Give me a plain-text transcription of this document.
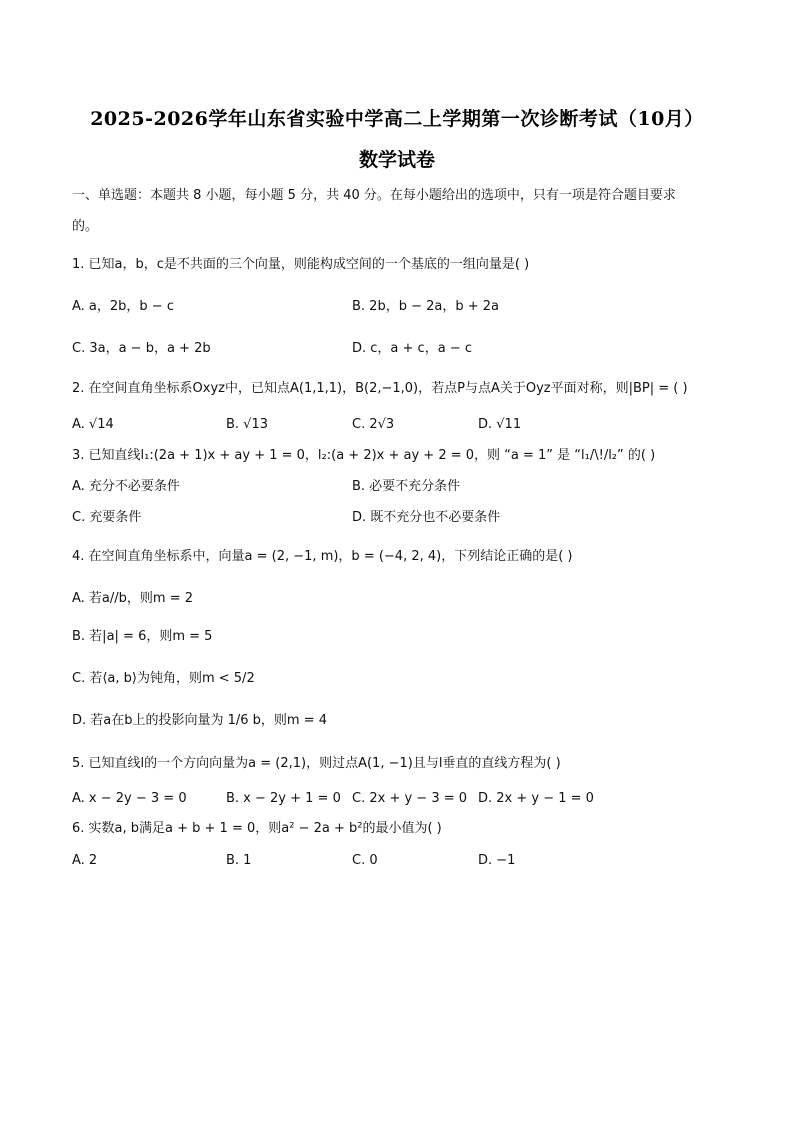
2025-2026学年山东省实验中学高二上学期第一次诊断考试（10月）
数学试卷
一、单选题：本题共 8 小题，每小题 5 分，共 40 分。在每小题给出的选项中，只有一项是符合题目要求
的。
1. 已知a，b，c是不共面的三个向量，则能构成空间的一个基底的一组向量是( )
A. a，2b，b − c	B. 2b，b − 2a，b + 2a
C. 3a，a − b，a + 2b	D. c，a + c，a − c
2. 在空间直角坐标系Oxyz中，已知点A(1,1,1)，B(2,−1,0)，若点P与点A关于Oyz平面对称，则|BP| = ( )
A. √14	B. √13	C. 2√3	D. √11
3. 已知直线l₁:(2a + 1)x + ay + 1 = 0，l₂:(a + 2)x + ay + 2 = 0，则 “a = 1” 是 “l₁/\!/l₂” 的( )
A. 充分不必要条件	B. 必要不充分条件
C. 充要条件	D. 既不充分也不必要条件
4. 在空间直角坐标系中，向量a = (2, −1, m)，b = (−4, 2, 4)，下列结论正确的是( )
A. 若a//b，则m = 2
B. 若|a| = 6，则m = 5
C. 若⟨a, b⟩为钝角，则m < 5/2
D. 若a在b上的投影向量为 1/6 b，则m = 4
5. 已知直线l的一个方向向量为a = (2,1)，则过点A(1, −1)且与l垂直的直线方程为( )
A. x − 2y − 3 = 0	B. x − 2y + 1 = 0 C. 2x + y − 3 = 0 D. 2x + y − 1 = 0
6. 实数a, b满足a + b + 1 = 0，则a² − 2a + b²的最小值为( )
A. 2	B. 1	C. 0	D. −1
